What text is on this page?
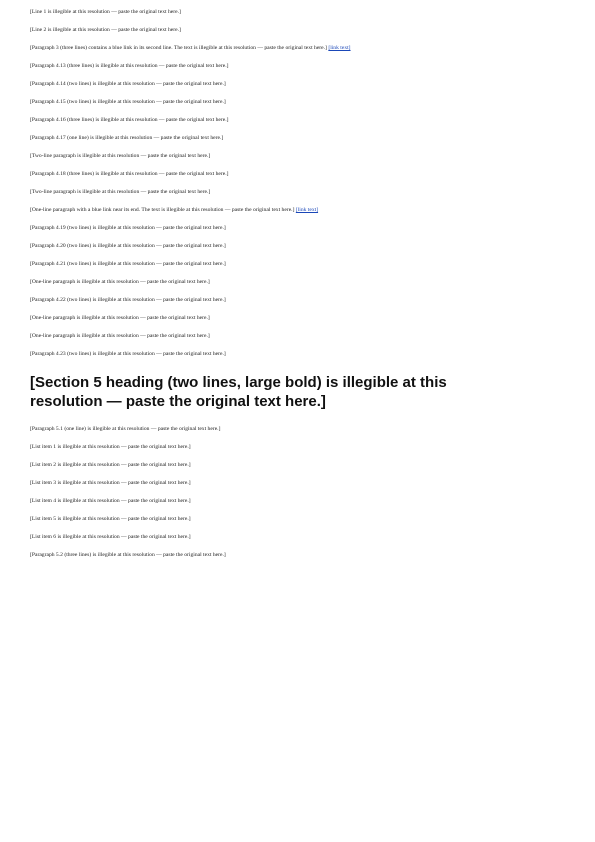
[Line 1 is illegible at this resolution — paste the original text here.]

[Line 2 is illegible at this resolution — paste the original text here.]

[Paragraph 3 (three lines) contains a blue link in its second line. The text is illegible at this resolution — paste the original text here.] [link text]

[Paragraph 4.13 (three lines) is illegible at this resolution — paste the original text here.]

[Paragraph 4.14 (two lines) is illegible at this resolution — paste the original text here.]

[Paragraph 4.15 (two lines) is illegible at this resolution — paste the original text here.]

[Paragraph 4.16 (three lines) is illegible at this resolution — paste the original text here.]

[Paragraph 4.17 (one line) is illegible at this resolution — paste the original text here.]

[Two-line paragraph is illegible at this resolution — paste the original text here.]

[Paragraph 4.18 (three lines) is illegible at this resolution — paste the original text here.]

[Two-line paragraph is illegible at this resolution — paste the original text here.]

[One-line paragraph with a blue link near its end. The text is illegible at this resolution — paste the original text here.] [link text]

[Paragraph 4.19 (two lines) is illegible at this resolution — paste the original text here.]

[Paragraph 4.20 (two lines) is illegible at this resolution — paste the original text here.]

[Paragraph 4.21 (two lines) is illegible at this resolution — paste the original text here.]

[One-line paragraph is illegible at this resolution — paste the original text here.]

[Paragraph 4.22 (two lines) is illegible at this resolution — paste the original text here.]

[One-line paragraph is illegible at this resolution — paste the original text here.]

[One-line paragraph is illegible at this resolution — paste the original text here.]

[Paragraph 4.23 (two lines) is illegible at this resolution — paste the original text here.]

[Section 5 heading (two lines, large bold) is illegible at this resolution — paste the original text here.]

[Paragraph 5.1 (one line) is illegible at this resolution — paste the original text here.]

[List item 1 is illegible at this resolution — paste the original text here.]

[List item 2 is illegible at this resolution — paste the original text here.]

[List item 3 is illegible at this resolution — paste the original text here.]

[List item 4 is illegible at this resolution — paste the original text here.]

[List item 5 is illegible at this resolution — paste the original text here.]

[List item 6 is illegible at this resolution — paste the original text here.]

[Paragraph 5.2 (three lines) is illegible at this resolution — paste the original text here.]
